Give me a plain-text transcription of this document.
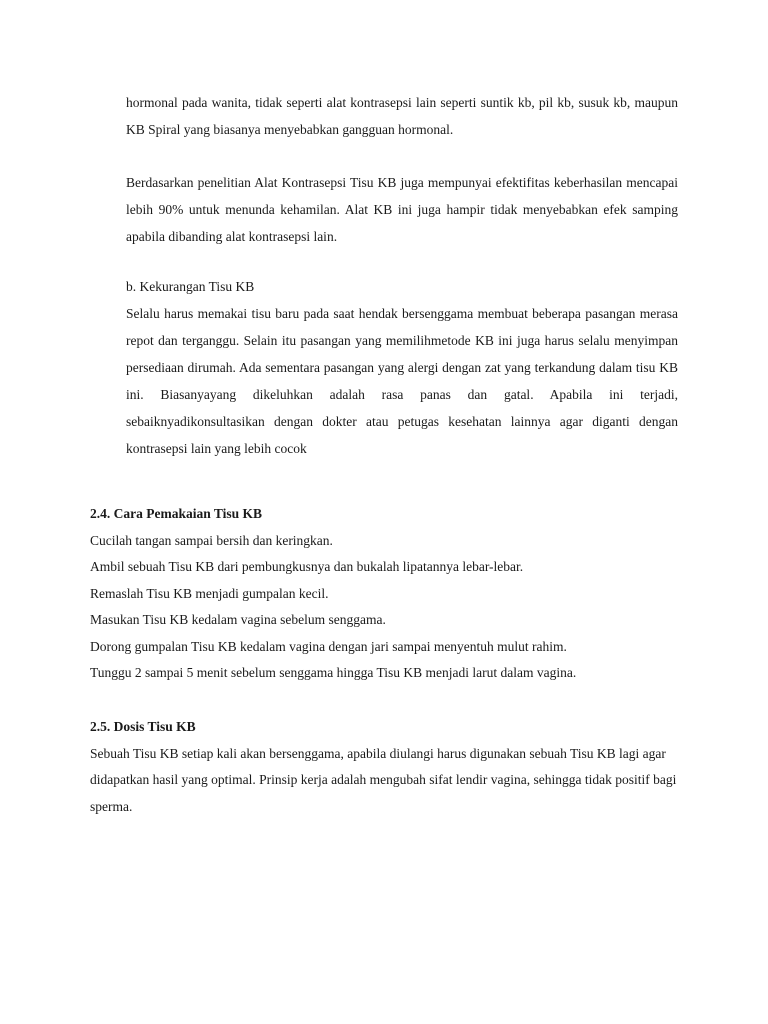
hormonal pada wanita, tidak seperti alat kontrasepsi lain seperti suntik kb, pil kb, susuk kb, maupun KB Spiral yang biasanya menyebabkan gangguan hormonal.

Berdasarkan penelitian Alat Kontrasepsi Tisu KB juga mempunyai efektifitas keberhasilan mencapai lebih 90% untuk menunda kehamilan. Alat KB ini juga hampir tidak menyebabkan efek samping apabila dibanding alat kontrasepsi lain.

b. Kekurangan Tisu KB

Selalu harus memakai tisu baru pada saat hendak bersenggama membuat beberapa pasangan merasa repot dan terganggu. Selain itu pasangan yang memilihmetode KB ini juga harus selalu menyimpan persediaan dirumah. Ada sementara pasangan yang alergi dengan zat yang terkandung dalam tisu KB ini. Biasanyayang dikeluhkan adalah rasa panas dan gatal. Apabila ini terjadi, sebaiknyadikonsultasikan dengan dokter atau petugas kesehatan lainnya agar diganti dengan kontrasepsi lain yang lebih cocok

2.4. Cara Pemakaian Tisu KB
Cucilah tangan sampai bersih dan keringkan.
Ambil sebuah Tisu KB dari pembungkusnya dan bukalah lipatannya lebar-lebar.
Remaslah Tisu KB menjadi gumpalan kecil.
Masukan Tisu KB kedalam vagina sebelum senggama.
Dorong gumpalan Tisu KB kedalam vagina dengan jari sampai menyentuh mulut rahim.
Tunggu 2 sampai 5 menit sebelum senggama hingga Tisu KB menjadi larut dalam vagina.
2.5. Dosis Tisu KB

Sebuah Tisu KB setiap kali akan bersenggama, apabila diulangi harus digunakan sebuah Tisu KB lagi agar didapatkan hasil yang optimal. Prinsip kerja adalah mengubah sifat lendir vagina, sehingga tidak positif bagi sperma.
